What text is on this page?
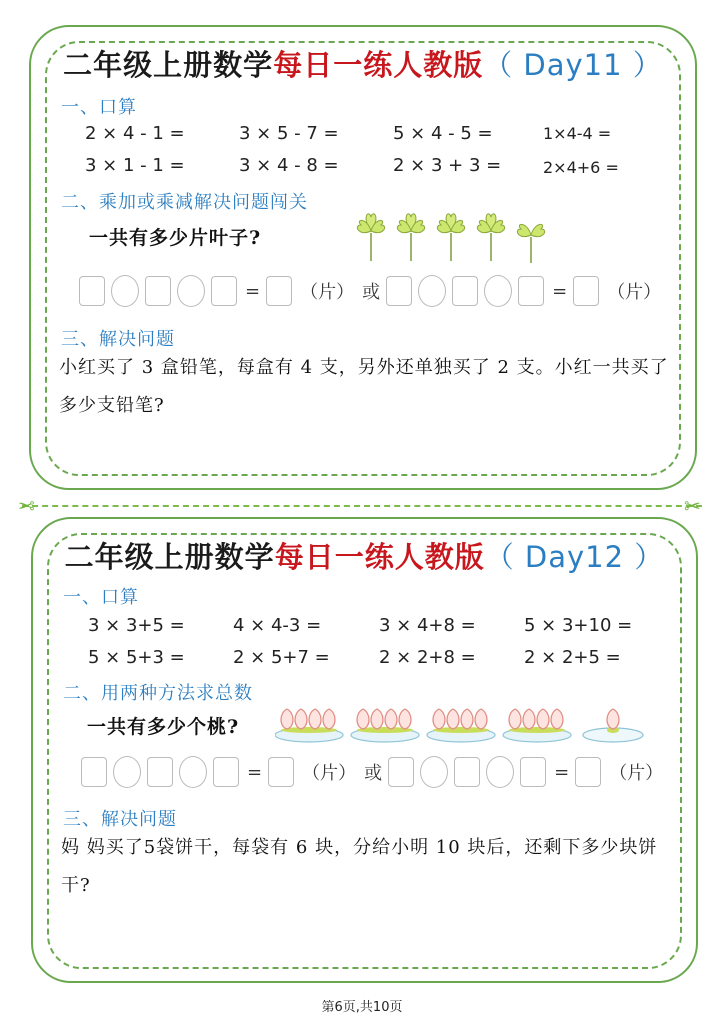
二年级上册数学每日一练人教版（ Day11 ）
一、口算
2 × 4 - 1 =	3 × 5 - 7 =	5 × 4 - 5 =	1×4-4 =
3 × 1 - 1 =	3 × 4 - 8 =	2 × 3 + 3 =	2×4+6 =
二、乘加或乘减解决问题闯关
一共有多少片叶子?
= （片） 或	= （片）
三、解决问题
小红买了 3 盒铅笔，每盒有 4 支，另外还单独买了 2 支。小红一共买了多少支铅笔?
✂	✂
二年级上册数学每日一练人教版（ Day12 ）
一、口算
3 × 3+5 =	4 × 4-3 =	3 × 4+8 =	5 × 3+10 =
5 × 5+3 =	2 × 5+7 =	2 × 2+8 =	2 × 2+5 =
二、用两种方法求总数
一共有多少个桃?
= （片） 或	= （片）
三、解决问题
妈 妈买了5袋饼干，每袋有 6 块，分给小明 10 块后，还剩下多少块饼干?
第6页,共10页
